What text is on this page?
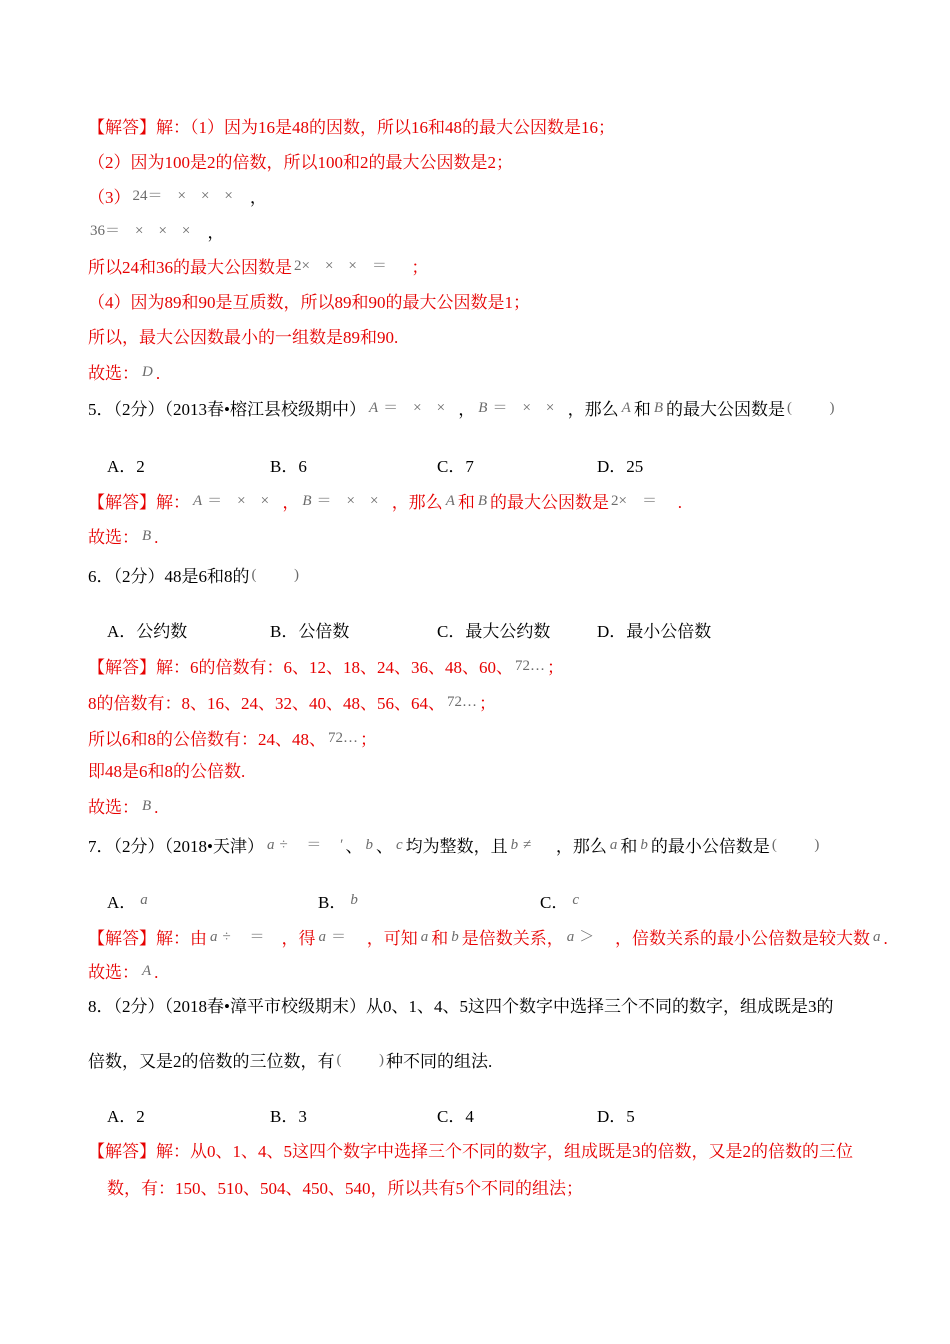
【解答】解：（1）因为16是48的因数，所以16和48的最大公因数是16；
（2）因为100是2的倍数，所以100和2的最大公因数是2；
（3） 24＝    ×    ×    ×    ，
36＝    ×    ×    ×    ，
所以24和36的最大公因数是 2×    ×    ×    ＝      ；
（4）因为89和90是互质数，所以89和90的最大公因数是1；
所以，最大公因数最小的一组数是89和90.
故选： D .
5．（2分）（2013春•榕江县校级期中） A ＝    ×    ×   ， B ＝    ×    ×   ，那么 A 和 B 的最大公因数是 (          )
A．2	B．6	C．7	D．25
【解答】解： A ＝    ×    ×   ， B ＝    ×    ×   ，那么 A 和 B 的最大公因数是 2×    ＝     .
故选： B .
6．（2分）48是6和8的 (          )
A．公约数	B．公倍数	C．最大公约数	D．最小公倍数
【解答】解：6的倍数有：6、12、18、24、36、48、60、 72… ；
8的倍数有：8、16、24、32、40、48、56、64、 72… ；
所以6和8的公倍数有：24、48、 72… ；
即48是6和8的公倍数.
故选： B .
7．（2分）（2018•天津） a ÷     ＝     ′ 、 b 、 c 均为整数，且 b ≠      ，那么 a 和 b 的最小公倍数是 (          )
A． a	B． b	C． c
【解答】解：由 a ÷     ＝    ，得 a ＝     ，可知 a 和 b 是倍数关系， a ＞     ，倍数关系的最小公倍数是较大数 a .
故选： A .
8．（2分）（2018春•漳平市校级期末）从0、1、4、5这四个数字中选择三个不同的数字，组成既是3的
倍数，又是2的倍数的三位数，有 (          ) 种不同的组法.
A．2	B．3	C．4	D．5
【解答】解：从0、1、4、5这四个数字中选择三个不同的数字，组成既是3的倍数，又是2的倍数的三位
数，有：150、510、504、450、540，所以共有5个不同的组法；
